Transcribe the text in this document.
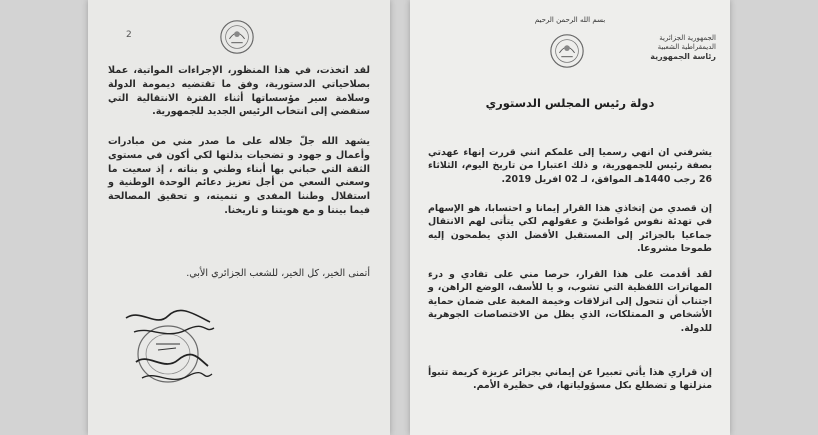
2
لقد اتخذت، في هذا المنظور، الإجراءات المواتية، عملا بصلاحياتي الدستورية، وفق ما تقتضيه ديمومة الدولة وسلامة سير مؤسساتها أثناء الفترة الانتقالية التي ستفضي إلى انتخاب الرئيس الجديد للجمهورية.
يشهد الله جلّ جلاله على ما صدر مني من مبادرات وأعمال و جهود و تضحيات بذلتها لكي أكون في مستوى الثقة التي حباني بها أبناء وطني و بناته ، إذ سعيت ما وسعني السعي من أجل تعزيز دعائم الوحدة الوطنية و استقلال وطننا المفدى و تنميته، و تحقيق المصالحة فيما بيننا و مع هويتنا و تاريخنا.
أتمنى الخير، كل الخير، للشعب الجزائري الأبي.
بسم الله الرحمن الرحيم
الجمهورية الجزائرية الديمقراطية الشعبية
رئاسة الجمهورية
دولة رئيس المجلس الدستوري
يشرفني ان انهي رسميا إلى علمكم انني قررت إنهاء عهدتي بصفة رئيس للجمهورية، و ذلك اعتبارا من تاريخ اليوم، الثلاثاء 26 رجب 1440هـ الموافق، لـ 02 افريل 2019.
إن قصدي من إتخاذي هذا القرار إيمانا و احتسابا، هو الإسهام في تهدئة نفوس مُواطنيّ و عقولهم لكي يتأتى لهم الانتقال جماعيا بالجزائر إلى المستقبل الأفضل الذي يطمحون إليه طموحا مشروعا.
لقد أقدمت على هذا القرار، حرصا مني على تفادي و درء المهاترات اللفظية التي تشوب، و يا للأسف، الوضع الراهن، و اجتناب أن تتحول إلى انزلاقات وخيمة المغبة على ضمان حماية الأشخاص و الممتلكات، الذي يظل من الاختصاصات الجوهرية للدولة.
إن قراري هذا يأتي تعبيرا عن إيماني بجزائر عزيزة كريمة تتبوأ منزلتها و تضطلع بكل مسؤولياتها، في حظيرة الأمم.
